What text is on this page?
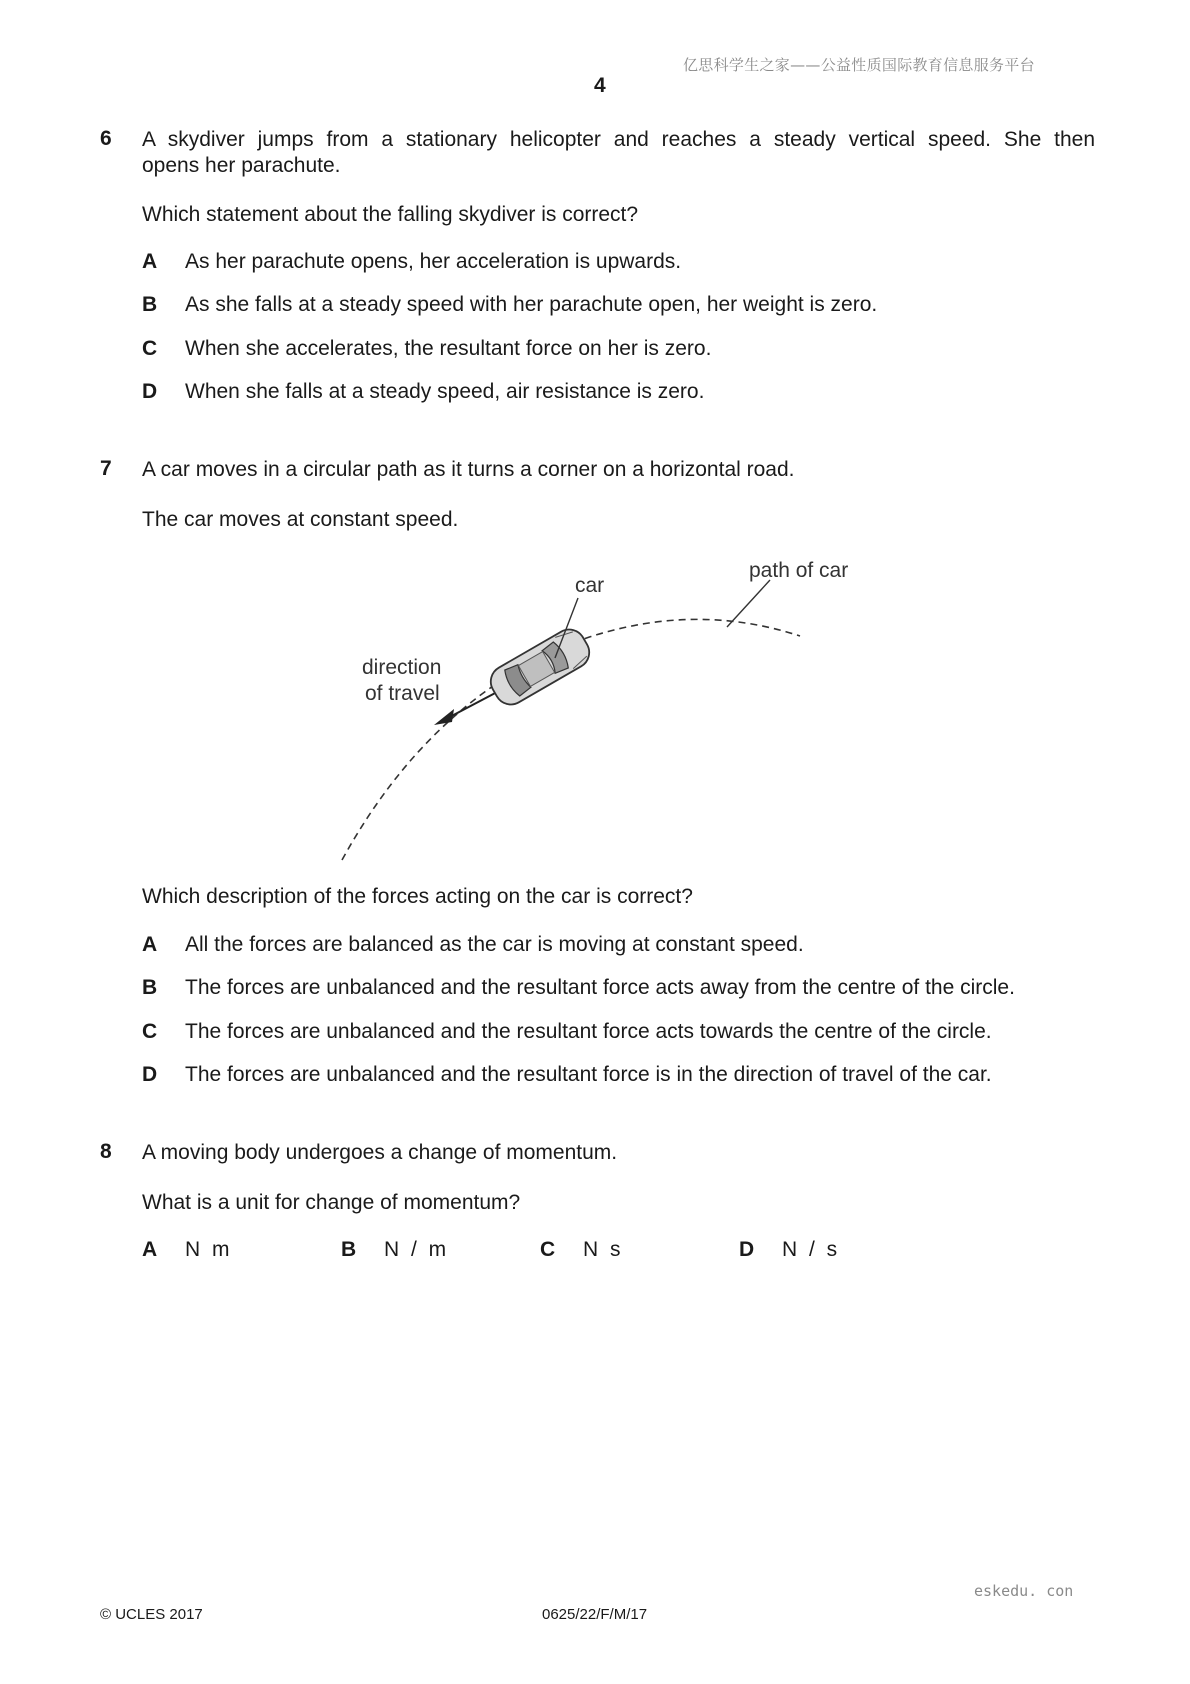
亿思科学生之家——公益性质国际教育信息服务平台
4
6 A skydiver jumps from a stationary helicopter and reaches a steady vertical speed. She then
opens her parachute.
Which statement about the falling skydiver is correct?
A As her parachute opens, her acceleration is upwards.
B As she falls at a steady speed with her parachute open, her weight is zero.
C When she accelerates, the resultant force on her is zero.
D When she falls at a steady speed, air resistance is zero.
7 A car moves in a circular path as it turns a corner on a horizontal road.
The car moves at constant speed.
car
path of car
direction
of travel
Which description of the forces acting on the car is correct?
A All the forces are balanced as the car is moving at constant speed.
B The forces are unbalanced and the resultant force acts away from the centre of the circle.
C The forces are unbalanced and the resultant force acts towards the centre of the circle.
D The forces are unbalanced and the resultant force is in the direction of travel of the car.
8 A moving body undergoes a change of momentum.
What is a unit for change of momentum?
A N m	B N / m	C N s	D N / s
eskedu. con
© UCLES 2017	0625/22/F/M/17
